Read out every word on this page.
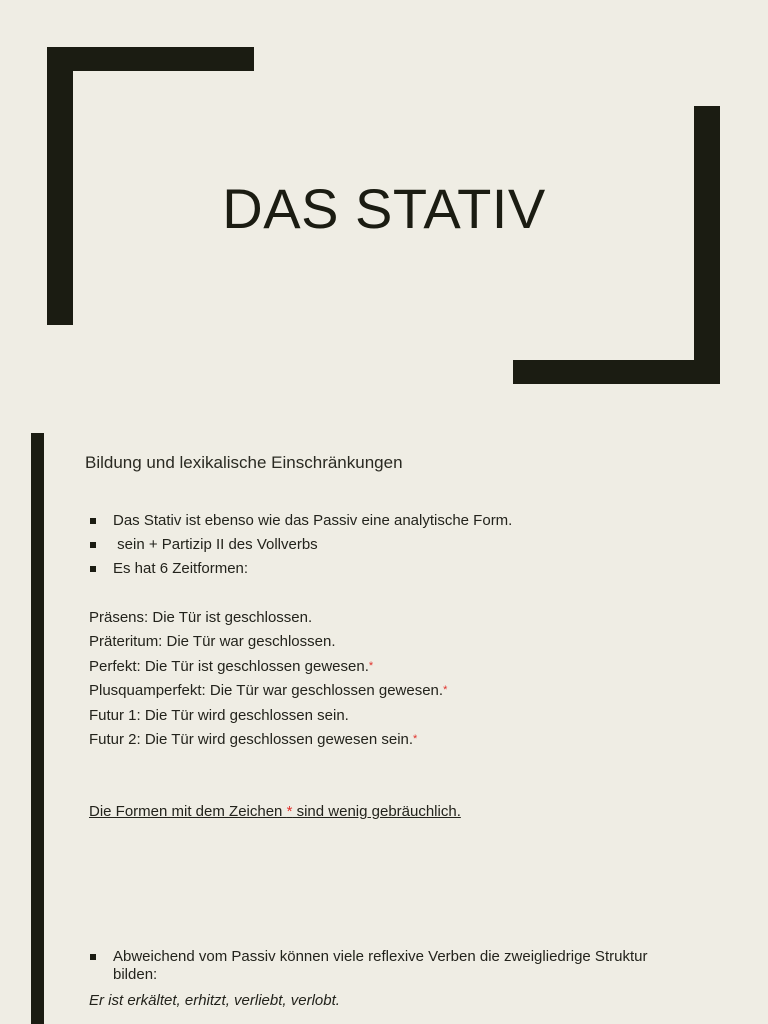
DAS STATIV
Bildung und lexikalische Einschränkungen
Das Stativ ist ebenso wie das Passiv eine analytische Form.
sein + Partizip II des Vollverbs
Es hat 6 Zeitformen:
Präsens: Die Tür ist geschlossen.
Präteritum: Die Tür war geschlossen.
Perfekt: Die Tür ist geschlossen gewesen.*
Plusquamperfekt: Die Tür war geschlossen gewesen.*
Futur 1: Die Tür wird geschlossen sein.
Futur 2: Die Tür wird geschlossen gewesen sein.*
Die Formen mit dem Zeichen * sind wenig gebräuchlich.
Abweichend vom Passiv können viele reflexive Verben die zweigliedrige Struktur bilden:
Er ist erkältet, erhitzt, verliebt, verlobt.
